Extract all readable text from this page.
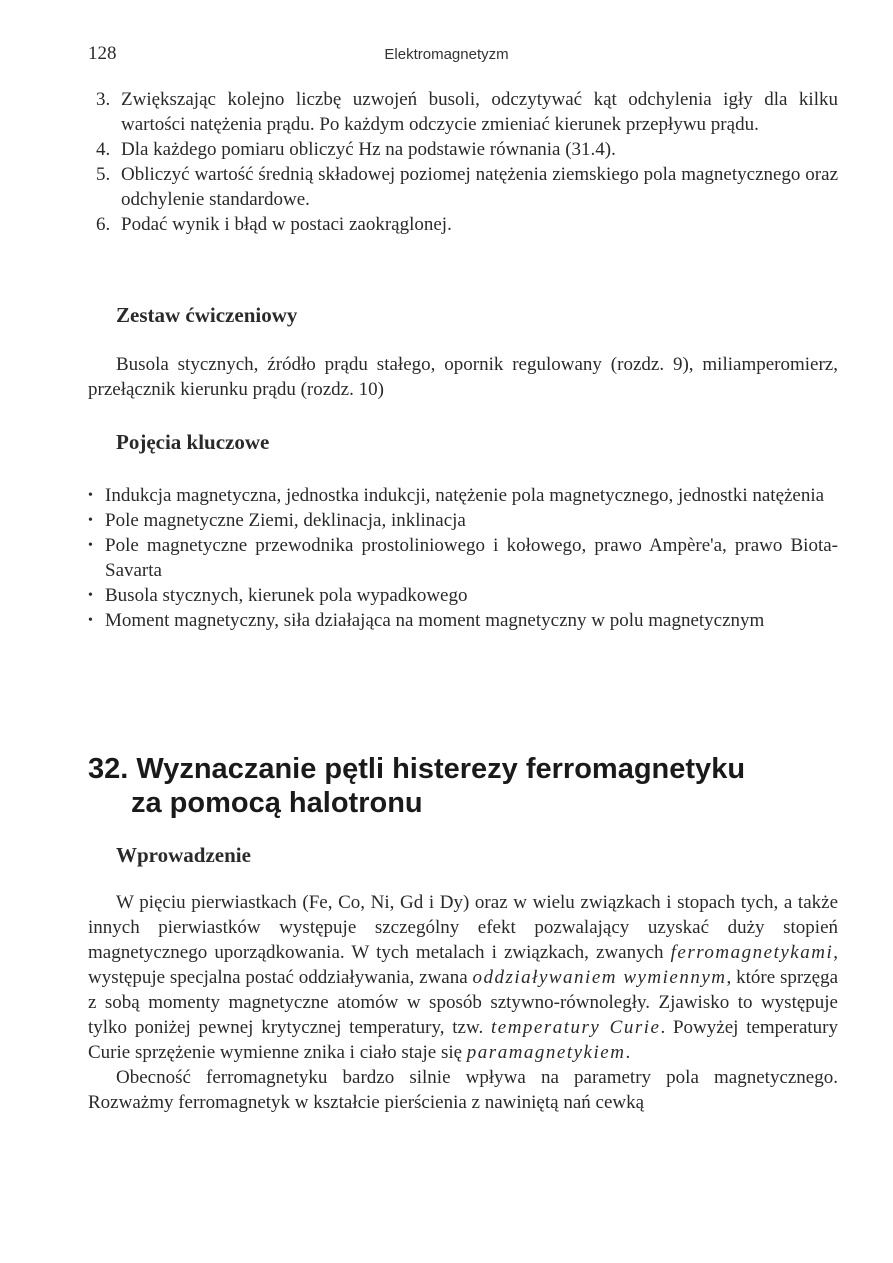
128	Elektromagnetyzm
3. Zwiększając kolejno liczbę uzwojeń busoli, odczytywać kąt odchylenia igły dla kilku wartości natężenia prądu. Po każdym odczycie zmieniać kierunek przepływu prądu.
4. Dla każdego pomiaru obliczyć Hz na podstawie równania (31.4).
5. Obliczyć wartość średnią składowej poziomej natężenia ziemskiego pola magnetycznego oraz odchylenie standardowe.
6. Podać wynik i błąd w postaci zaokrąglonej.
Zestaw ćwiczeniowy

Busola stycznych, źródło prądu stałego, opornik regulowany (rozdz. 9), miliamperomierz, przełącznik kierunku prądu (rozdz. 10)

Pojęcia kluczowe
• Indukcja magnetyczna, jednostka indukcji, natężenie pola magnetycznego, jednostki natężenia
• Pole magnetyczne Ziemi, deklinacja, inklinacja
• Pole magnetyczne przewodnika prostoliniowego i kołowego, prawo Ampère'a, prawo Biota-Savarta
• Busola stycznych, kierunek pola wypadkowego
• Moment magnetyczny, siła działająca na moment magnetyczny w polu magnetycznym
32. Wyznaczanie pętli histerezy ferromagnetyku
za pomocą halotronu
Wprowadzenie

W pięciu pierwiastkach (Fe, Co, Ni, Gd i Dy) oraz w wielu związkach i stopach tych, a także innych pierwiastków występuje szczególny efekt pozwalający uzyskać duży stopień magnetycznego uporządkowania. W tych metalach i związkach, zwanych ferromagnetykami, występuje specjalna postać oddziaływania, zwana oddziaływaniem wymiennym, które sprzęga z sobą momenty magnetyczne atomów w sposób sztywno-równoległy. Zjawisko to występuje tylko poniżej pewnej krytycznej temperatury, tzw. temperatury Curie. Powyżej temperatury Curie sprzężenie wymienne znika i ciało staje się paramagnetykiem.

Obecność ferromagnetyku bardzo silnie wpływa na parametry pola magnetycznego. Rozważmy ferromagnetyk w kształcie pierścienia z nawiniętą nań cewką
